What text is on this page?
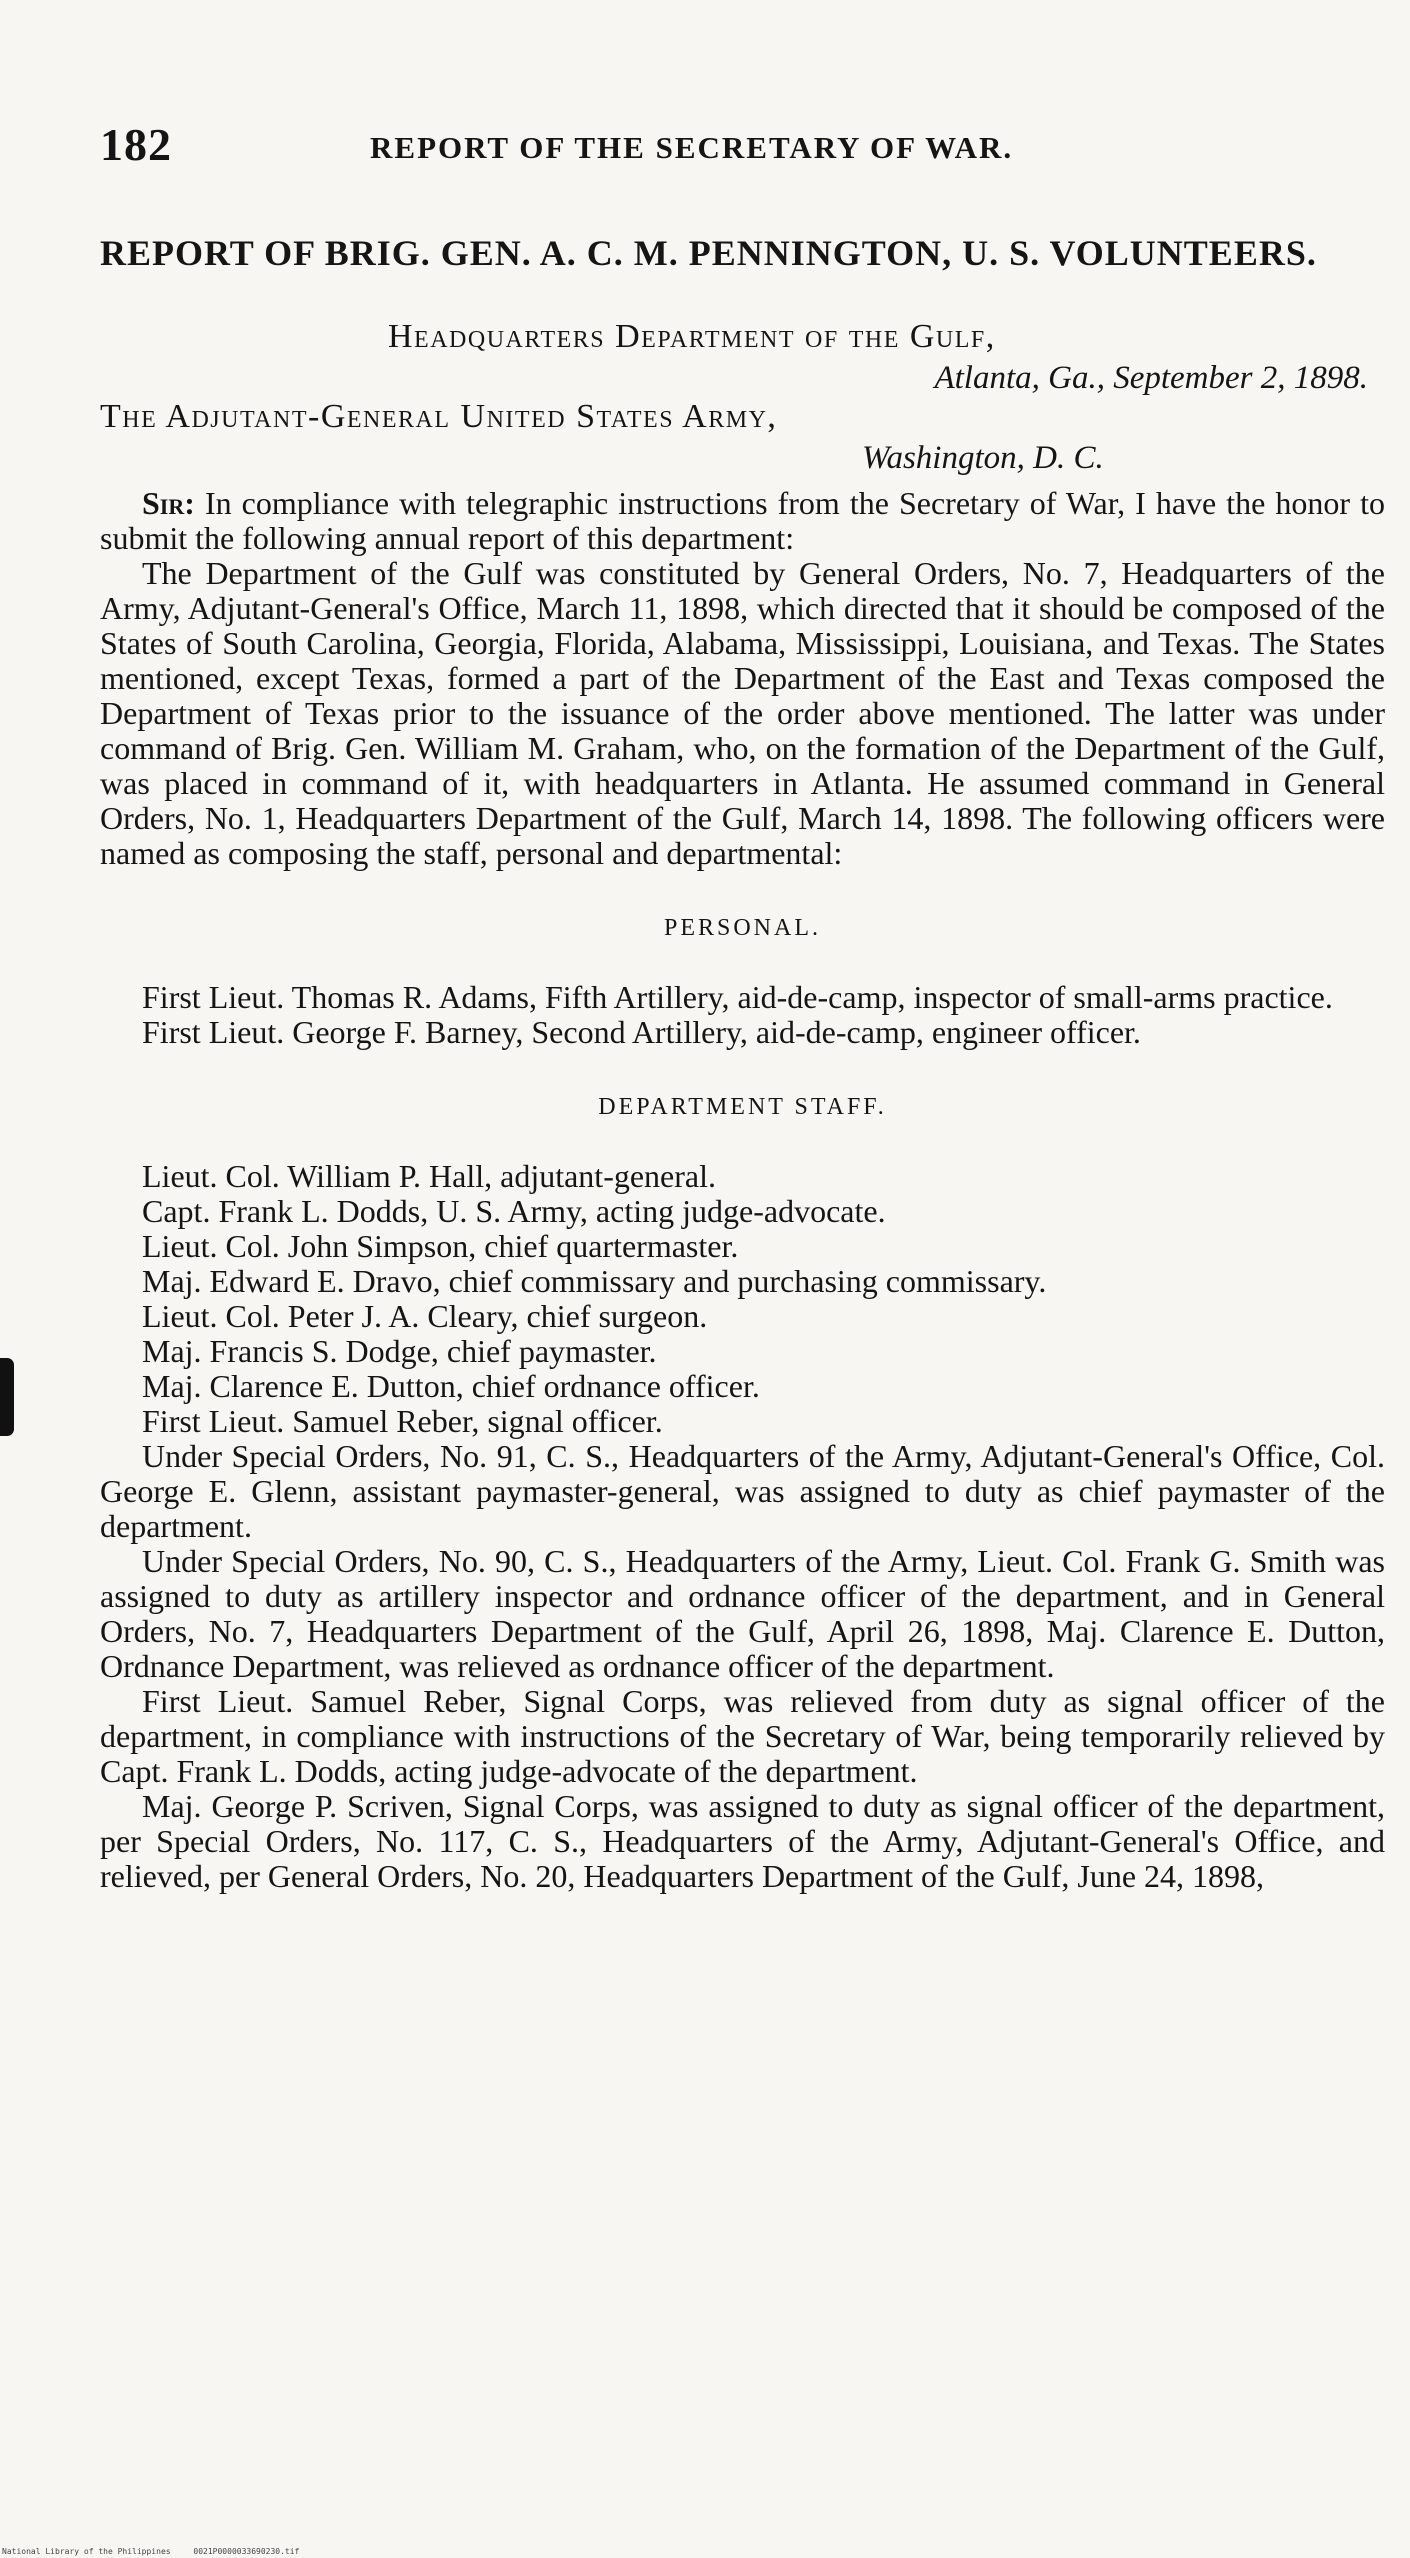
182	REPORT OF THE SECRETARY OF WAR.
REPORT OF BRIG. GEN. A. C. M. PENNINGTON, U. S. VOLUNTEERS.
Headquarters Department of the Gulf,
Atlanta, Ga., September 2, 1898.
The Adjutant-General United States Army,
Washington, D. C.

Sir: In compliance with telegraphic instructions from the Secretary of War, I have the honor to submit the following annual report of this department:

The Department of the Gulf was constituted by General Orders, No. 7, Headquarters of the Army, Adjutant-General's Office, March 11, 1898, which directed that it should be composed of the States of South Carolina, Georgia, Florida, Alabama, Mississippi, Louisiana, and Texas. The States mentioned, except Texas, formed a part of the Department of the East and Texas composed the Department of Texas prior to the issuance of the order above mentioned. The latter was under command of Brig. Gen. William M. Graham, who, on the formation of the Department of the Gulf, was placed in command of it, with headquarters in Atlanta. He assumed command in General Orders, No. 1, Headquarters Department of the Gulf, March 14, 1898. The following officers were named as composing the staff, personal and departmental:

PERSONAL.

First Lieut. Thomas R. Adams, Fifth Artillery, aid-de-camp, inspector of small-arms practice.

First Lieut. George F. Barney, Second Artillery, aid-de-camp, engineer officer.

DEPARTMENT STAFF.

Lieut. Col. William P. Hall, adjutant-general.
Capt. Frank L. Dodds, U. S. Army, acting judge-advocate.
Lieut. Col. John Simpson, chief quartermaster.
Maj. Edward E. Dravo, chief commissary and purchasing commissary.
Lieut. Col. Peter J. A. Cleary, chief surgeon.
Maj. Francis S. Dodge, chief paymaster.
Maj. Clarence E. Dutton, chief ordnance officer.
First Lieut. Samuel Reber, signal officer.

Under Special Orders, No. 91, C. S., Headquarters of the Army, Adjutant-General's Office, Col. George E. Glenn, assistant paymaster-general, was assigned to duty as chief paymaster of the department.

Under Special Orders, No. 90, C. S., Headquarters of the Army, Lieut. Col. Frank G. Smith was assigned to duty as artillery inspector and ordnance officer of the department, and in General Orders, No. 7, Headquarters Department of the Gulf, April 26, 1898, Maj. Clarence E. Dutton, Ordnance Department, was relieved as ordnance officer of the department.

First Lieut. Samuel Reber, Signal Corps, was relieved from duty as signal officer of the department, in compliance with instructions of the Secretary of War, being temporarily relieved by Capt. Frank L. Dodds, acting judge-advocate of the department.

Maj. George P. Scriven, Signal Corps, was assigned to duty as signal officer of the department, per Special Orders, No. 117, C. S., Headquarters of the Army, Adjutant-General's Office, and relieved, per General Orders, No. 20, Headquarters Department of the Gulf, June 24, 1898,

National Library of the Philippines	0021P0000033690230.tif
